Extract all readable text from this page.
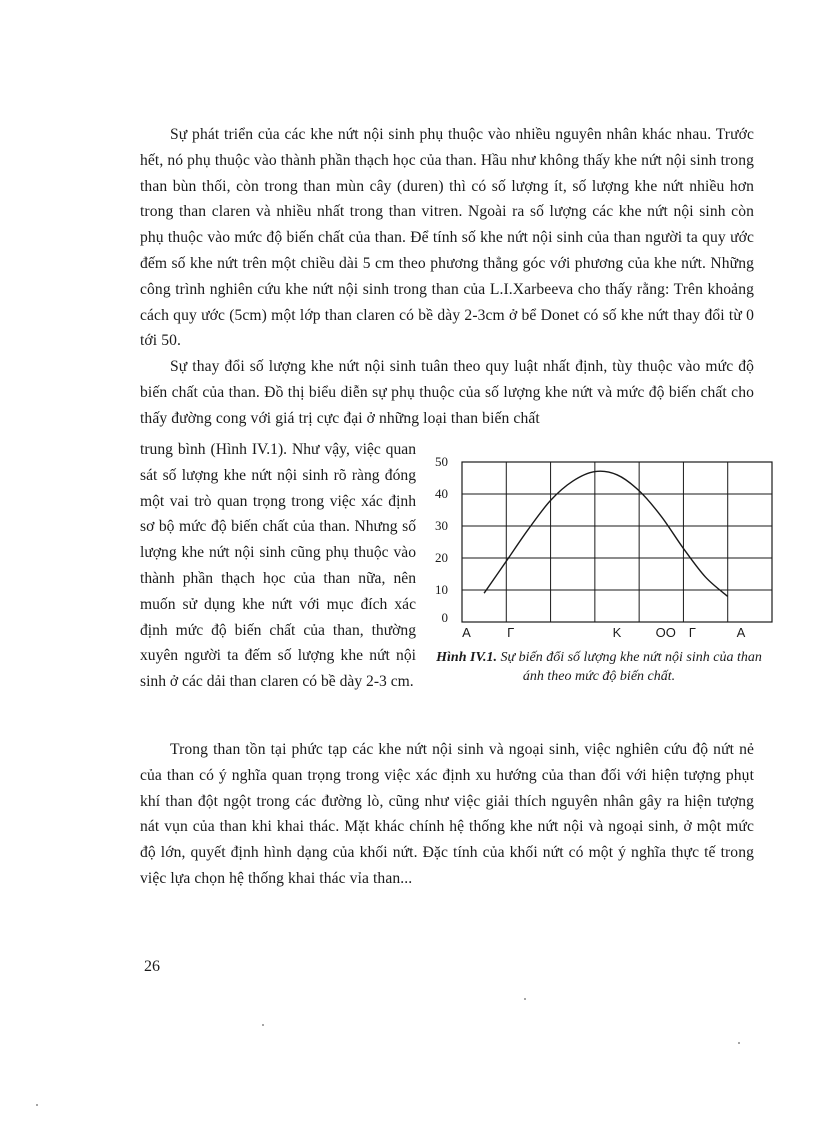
Sự phát triển của các khe nứt nội sinh phụ thuộc vào nhiều nguyên nhân khác nhau. Trước hết, nó phụ thuộc vào thành phần thạch học của than. Hầu như không thấy khe nứt nội sinh trong than bùn thối, còn trong than mùn cây (duren) thì có số lượng ít, số lượng khe nứt nhiều hơn trong than claren và nhiều nhất trong than vitren. Ngoài ra số lượng các khe nứt nội sinh còn phụ thuộc vào mức độ biến chất của than. Để tính số khe nứt nội sinh của than người ta quy ước đếm số khe nứt trên một chiều dài 5 cm theo phương thẳng góc với phương của khe nứt. Những công trình nghiên cứu khe nứt nội sinh trong than của L.I.Xarbeeva cho thấy rằng: Trên khoảng cách quy ước (5cm) một lớp than claren có bề dày 2-3cm ở bể Donet có số khe nứt thay đổi từ 0 tới 50.

Sự thay đổi số lượng khe nứt nội sinh tuân theo quy luật nhất định, tùy thuộc vào mức độ biến chất của than. Đồ thị biểu diễn sự phụ thuộc của số lượng khe nứt và mức độ biến chất cho thấy đường cong với giá trị cực đại ở những loại than biến chất

trung bình (Hình IV.1). Như vậy, việc quan sát số lượng khe nứt nội sinh rõ ràng đóng một vai trò quan trọng trong việc xác định sơ bộ mức độ biến chất của than. Nhưng số lượng khe nứt nội sinh cũng phụ thuộc vào thành phần thạch học của than nữa, nên muốn sử dụng khe nứt với mục đích xác định mức độ biến chất của than, thường xuyên người ta đếm số lượng khe nứt nội sinh ở các dải than claren có bề dày 2-3 cm.

0
10
20
30
40
50
A	Γ	K	OO Γ	A
Hình IV.1. Sự biến đổi số lượng khe nứt nội sinh của than ánh theo mức độ biến chất.

Trong than tồn tại phức tạp các khe nứt nội sinh và ngoại sinh, việc nghiên cứu độ nứt nẻ của than có ý nghĩa quan trọng trong việc xác định xu hướng của than đối với hiện tượng phụt khí than đột ngột trong các đường lò, cũng như việc giải thích nguyên nhân gây ra hiện tượng nát vụn của than khi khai thác. Mặt khác chính hệ thống khe nứt nội và ngoại sinh, ở một mức độ lớn, quyết định hình dạng của khối nứt. Đặc tính của khối nứt có một ý nghĩa thực tế trong việc lựa chọn hệ thống khai thác vỉa than...

26
